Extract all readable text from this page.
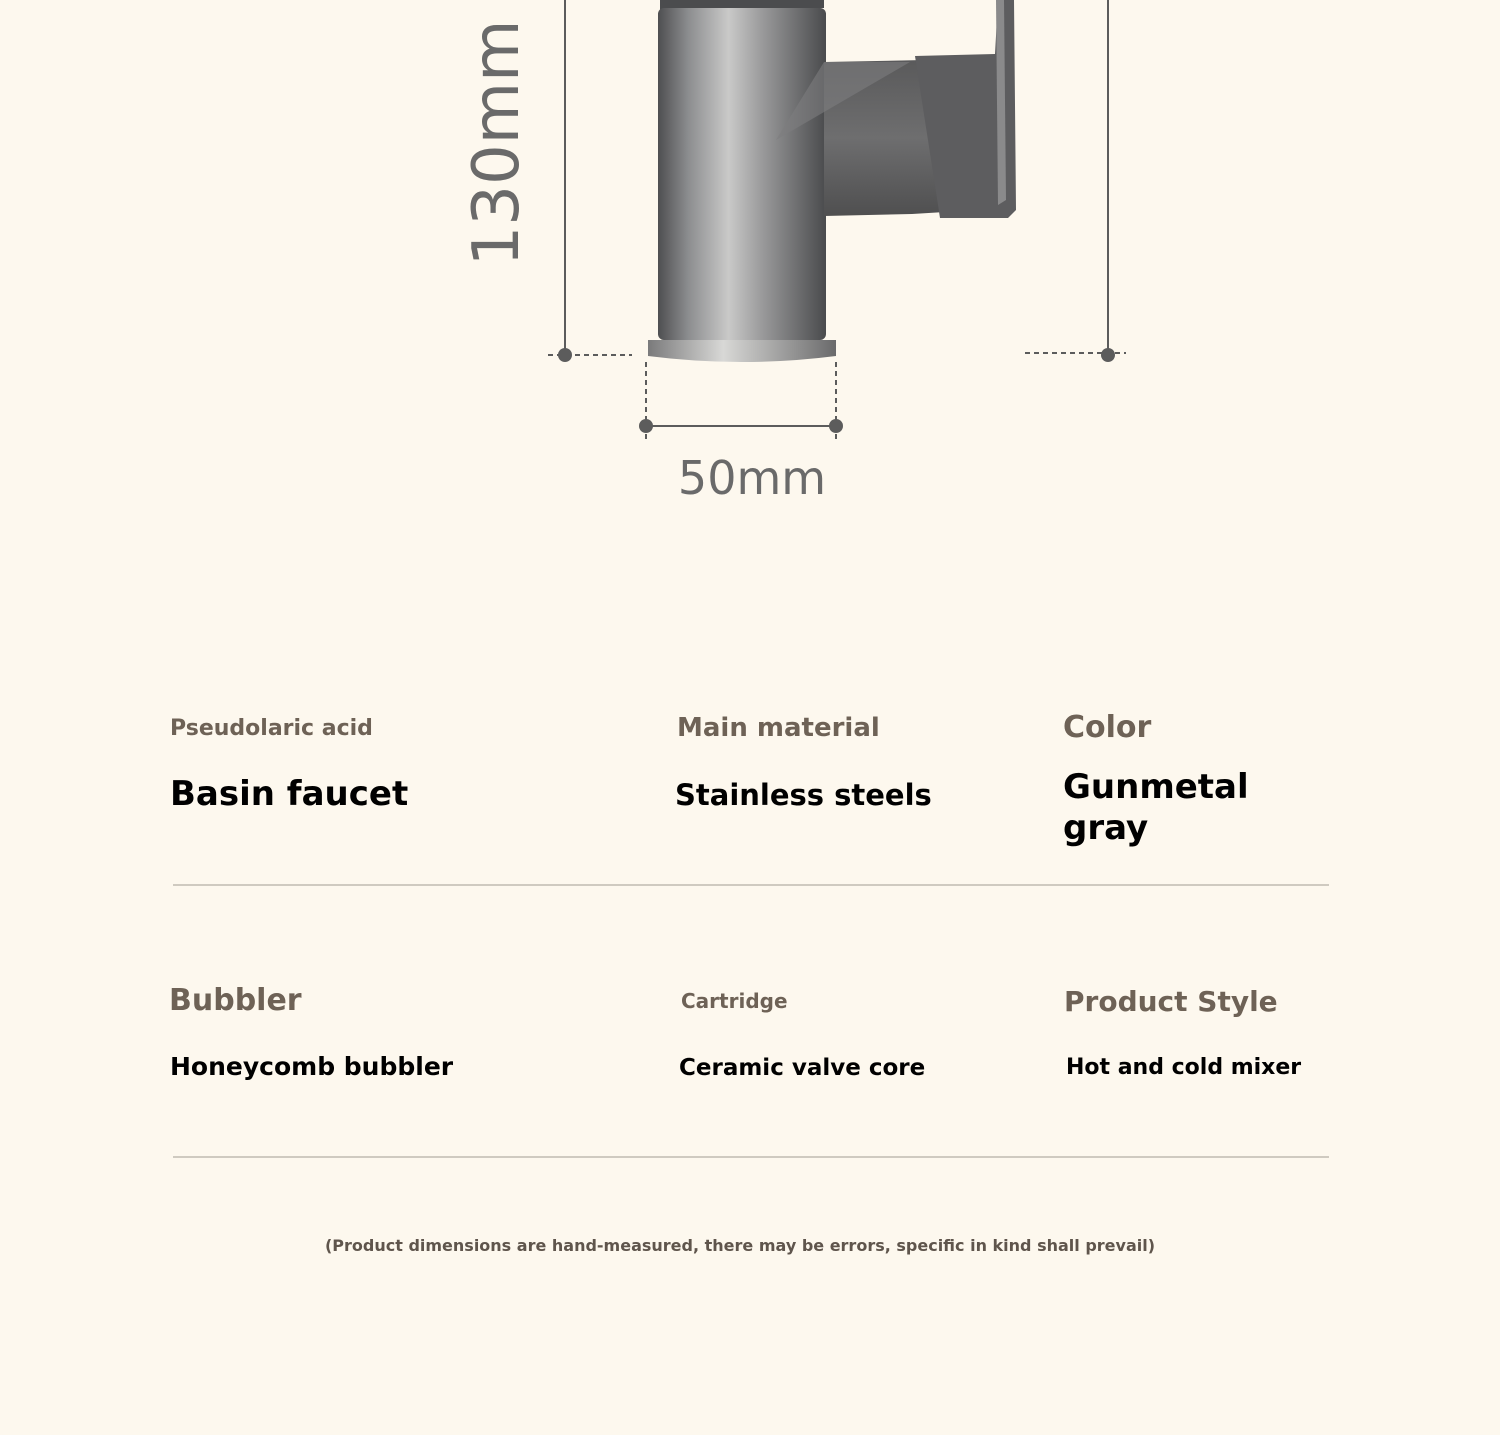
130mm
50mm
Pseudolaric acid
Basin faucet
Main material
Stainless steels
Color
Gunmetal gray
Bubbler
Honeycomb bubbler
Cartridge
Ceramic valve core
Product Style
Hot and cold mixer
(Product dimensions are hand-measured, there may be errors, specific in kind shall prevail)
